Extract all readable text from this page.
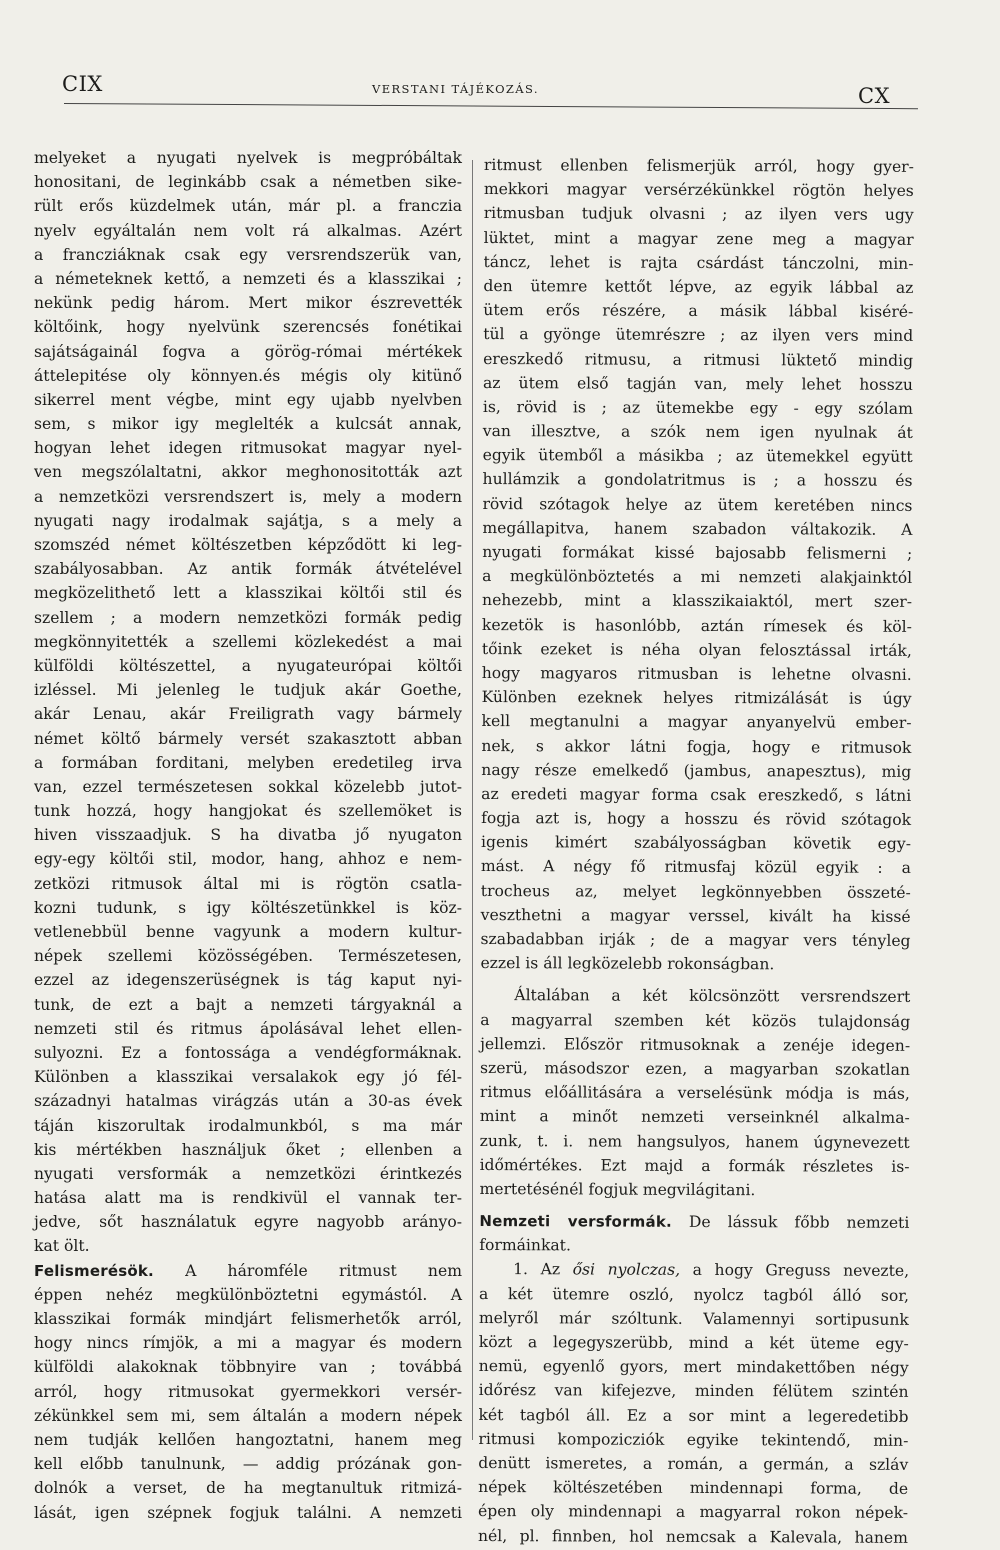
CIX	VERSTANI TÁJÉKOZÁS.	CX
melyeket a nyugati nyelvek is megpróbáltak
honositani, de leginkább csak a németben sike-
rült erős küzdelmek után, már pl. a franczia
nyelv egyáltalán nem volt rá alkalmas. Azért
a francziáknak csak egy versrendszerük van,
a németeknek kettő, a nemzeti és a klasszikai ;
nekünk pedig három. Mert mikor észrevették
költőink, hogy nyelvünk szerencsés fonétikai
sajátságainál fogva a görög-római mértékek
áttelepitése oly könnyen.és mégis oly kitünő
sikerrel ment végbe, mint egy ujabb nyelvben
sem, s mikor igy meglelték a kulcsát annak,
hogyan lehet idegen ritmusokat magyar nyel-
ven megszólaltatni, akkor meghonositották azt
a nemzetközi versrendszert is, mely a modern
nyugati nagy irodalmak sajátja, s a mely a
szomszéd német költészetben képződött ki leg-
szabályosabban. Az antik formák átvételével
megközelithető lett a klasszikai költői stil és
szellem ; a modern nemzetközi formák pedig
megkönnyitették a szellemi közlekedést a mai
külföldi költészettel, a nyugateurópai költői
izléssel. Mi jelenleg le tudjuk akár Goethe,
akár Lenau, akár Freiligrath vagy bármely
német költő bármely versét szakasztott abban
a formában forditani, melyben eredetileg irva
van, ezzel természetesen sokkal közelebb jutot-
tunk hozzá, hogy hangjokat és szellemöket is
hiven visszaadjuk. S ha divatba jő nyugaton
egy-egy költői stil, modor, hang, ahhoz e nem-
zetközi ritmusok által mi is rögtön csatla-
kozni tudunk, s igy költészetünkkel is köz-
vetlenebbül benne vagyunk a modern kultur-
népek szellemi közösségében. Természetesen,
ezzel az idegenszerüségnek is tág kaput nyi-
tunk, de ezt a bajt a nemzeti tárgyaknál a
nemzeti stil és ritmus ápolásával lehet ellen-
sulyozni. Ez a fontossága a vendégformáknak.
Különben a klasszikai versalakok egy jó fél-
századnyi hatalmas virágzás után a 30-as évek
táján kiszorultak irodalmunkból, s ma már
kis mértékben használjuk őket ; ellenben a
nyugati versformák a nemzetközi érintkezés
hatása alatt ma is rendkivül el vannak ter-
jedve, sőt használatuk egyre nagyobb arányo-
kat ölt.
Felismerésök. A háromféle ritmust nem
éppen nehéz megkülönböztetni egymástól. A
klasszikai formák mindjárt felismerhetők arról,
hogy nincs rímjök, a mi a magyar és modern
külföldi alakoknak többnyire van ; továbbá
arról, hogy ritmusokat gyermekkori versér-
zékünkkel sem mi, sem általán a modern népek
nem tudják kellően hangoztatni, hanem meg
kell előbb tanulnunk, — addig prózának gon-
dolnók a verset, de ha megtanultuk ritmizá-
lását, igen szépnek fogjuk találni. A nemzeti
ritmust ellenben felismerjük arról, hogy gyer-
mekkori magyar versérzékünkkel rögtön helyes
ritmusban tudjuk olvasni ; az ilyen vers ugy
lüktet, mint a magyar zene meg a magyar
táncz, lehet is rajta csárdást tánczolni, min-
den ütemre kettőt lépve, az egyik lábbal az
ütem erős részére, a másik lábbal kiséré-
tül a gyönge ütemrészre ; az ilyen vers mind
ereszkedő ritmusu, a ritmusi lüktető mindig
az ütem első tagján van, mely lehet hosszu
is, rövid is ; az ütemekbe egy - egy szólam
van illesztve, a szók nem igen nyulnak át
egyik ütemből a másikba ; az ütemekkel együtt
hullámzik a gondolatritmus is ; a hosszu és
rövid szótagok helye az ütem keretében nincs
megállapitva, hanem szabadon váltakozik. A
nyugati formákat kissé bajosabb felismerni ;
a megkülönböztetés a mi nemzeti alakjainktól
nehezebb, mint a klasszikaiaktól, mert szer-
kezetök is hasonlóbb, aztán rímesek és köl-
tőink ezeket is néha olyan felosztással irták,
hogy magyaros ritmusban is lehetne olvasni.
Különben ezeknek helyes ritmizálását is úgy
kell megtanulni a magyar anyanyelvü ember-
nek, s akkor látni fogja, hogy e ritmusok
nagy része emelkedő (jambus, anapesztus), mig
az eredeti magyar forma csak ereszkedő, s látni
fogja azt is, hogy a hosszu és rövid szótagok
igenis kimért szabályosságban követik egy-
mást. A négy fő ritmusfaj közül egyik : a
trocheus az, melyet legkönnyebben összeté-
veszthetni a magyar verssel, kivált ha kissé
szabadabban irják ; de a magyar vers tényleg
ezzel is áll legközelebb rokonságban.
Általában a két kölcsönzött versrendszert
a magyarral szemben két közös tulajdonság
jellemzi. Először ritmusoknak a zenéje idegen-
szerü, másodszor ezen, a magyarban szokatlan
ritmus előállitására a verselésünk módja is más,
mint a minőt nemzeti verseinknél alkalma-
zunk, t. i. nem hangsulyos, hanem úgynevezett
időmértékes. Ezt majd a formák részletes is-
mertetésénél fogjuk megvilágitani.
Nemzeti versformák. De lássuk főbb nemzeti
formáinkat.
1. Az ősi nyolczas, a hogy Greguss nevezte,
a két ütemre oszló, nyolcz tagból álló sor,
melyről már szóltunk. Valamennyi sortipusunk
közt a legegyszerübb, mind a két üteme egy-
nemü, egyenlő gyors, mert mindakettőben négy
időrész van kifejezve, minden félütem szintén
két tagból áll. Ez a sor mint a legeredetibb
ritmusi kompozicziók egyike tekintendő, min-
denütt ismeretes, a román, a germán, a szláv
népek költészetében mindennapi forma, de
épen oly mindennapi a magyarral rokon népek-
nél, pl. finnben, hol nemcsak a Kalevala, hanem
